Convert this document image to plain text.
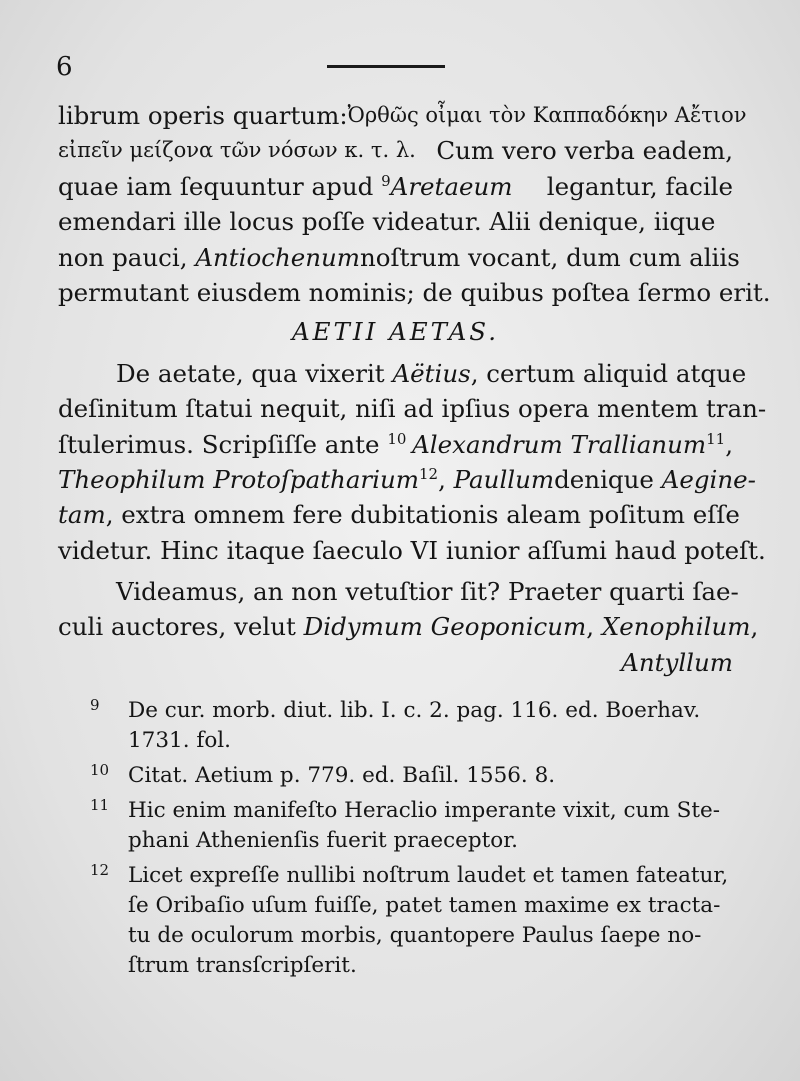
6
librum operis quartum: Ὀρθῶς οἶμαι τὸν Καππαδόκην Αἔτιον
εἰπεῖν μείζονα τῶν νόσων κ. τ. λ. Cum vero verba eadem,
quae iam ſequuntur apud $^9$Aretaeum legantur, facile
emendari ille locus poſſe videatur. Alii denique, iique
non pauci, Antiochenum noſtrum vocant, dum cum aliis
permutant eiusdem nominis; de quibus poſtea ſermo erit.
AETII AETAS.
De aetate, qua vixerit Aëtius , certum aliquid atque
deſinitum ſtatui nequit, niſi ad ipſius opera mentem tran-
ſtulerimus. Scripſiſſe ante $^{10}$ Alexandrum Trallianum$^{11}$,
Theophilum Protoſpatharium$^{12}$, Paullum denique Aegine-
tam , extra omnem fere dubitationis aleam poſitum eſſe
videtur. Hinc itaque ſaeculo VI iunior aſſumi haud poteſt.
Videamus, an non vetuſtior ſit? Praeter quarti ſae-
culi auctores, velut Didymum Geoponicum , Xenophilum,
Antyllum
9 De cur. morb. diut. lib. I. c. 2. pag. 116. ed. Boerhav.
1731. fol.
10 Citat. Aetium p. 779. ed. Baſil. 1556. 8.
11 Hic enim manifeſto Heraclio imperante vixit, cum Ste-
phani Athenienſis fuerit praeceptor.
12 Licet expreſſe nullibi noſtrum laudet et tamen fateatur,
ſe Oribaſio uſum fuiſſe, patet tamen maxime ex tracta-
tu de oculorum morbis, quantopere Paulus ſaepe no-
ſtrum transſcripſerit.
